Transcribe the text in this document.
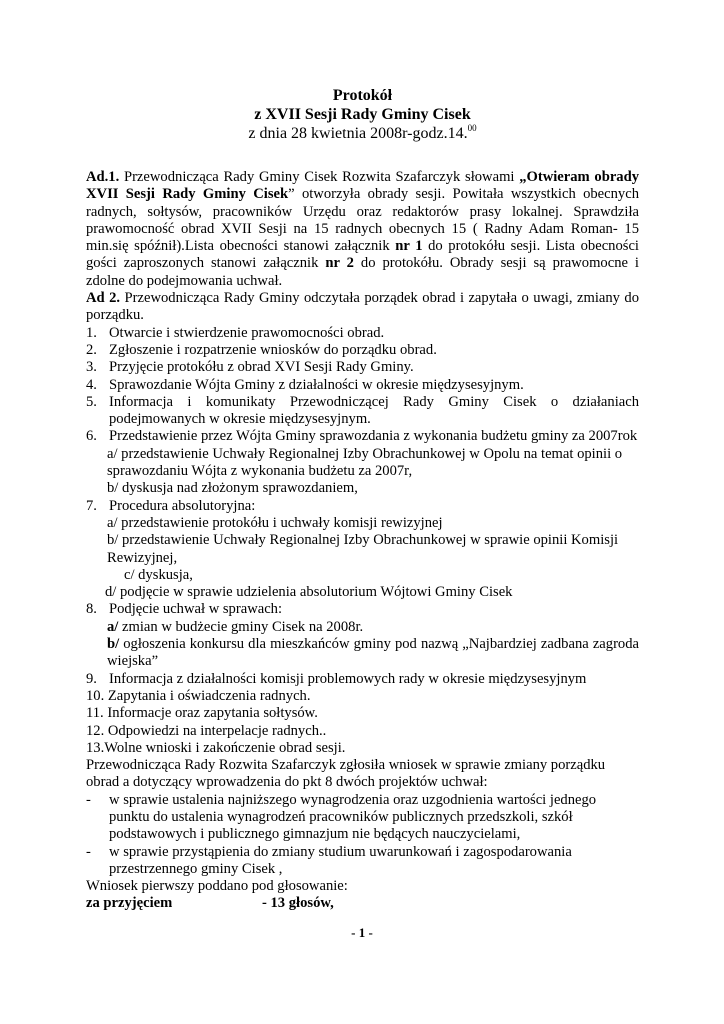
Protokół
z XVII Sesji Rady Gminy Cisek
z dnia 28 kwietnia 2008r-godz.14.00
Ad.1. Przewodnicząca Rady Gminy Cisek Rozwita Szafarczyk słowami „Otwieram obrady XVII Sesji Rady Gminy Cisek” otworzyła obrady sesji. Powitała wszystkich obecnych radnych, sołtysów, pracowników Urzędu oraz redaktorów prasy lokalnej. Sprawdziła prawomocność obrad XVII Sesji na 15 radnych obecnych 15 ( Radny Adam Roman- 15 min.się spóźnił).Lista obecności stanowi załącznik nr 1 do protokółu sesji. Lista obecności gości zaproszonych stanowi załącznik nr 2 do protokółu. Obrady sesji są prawomocne i zdolne do podejmowania uchwał.
Ad 2. Przewodnicząca Rady Gminy odczytała porządek obrad i zapytała o uwagi, zmiany do porządku.
1. Otwarcie i stwierdzenie prawomocności obrad.
2. Zgłoszenie i rozpatrzenie wniosków do porządku obrad.
3. Przyjęcie protokółu z obrad XVI Sesji Rady Gminy.
4. Sprawozdanie Wójta Gminy z działalności w okresie międzysesyjnym.
5. Informacja i komunikaty Przewodniczącej Rady Gminy Cisek o działaniach podejmowanych w okresie międzysesyjnym.
6. Przedstawienie przez Wójta Gminy sprawozdania z wykonania budżetu gminy za 2007rok
a/ przedstawienie Uchwały Regionalnej Izby Obrachunkowej w Opolu na temat opinii o sprawozdaniu Wójta z wykonania budżetu za 2007r,
b/ dyskusja nad złożonym sprawozdaniem,
7. Procedura absolutoryjna:
a/ przedstawienie protokółu i uchwały komisji rewizyjnej
b/ przedstawienie Uchwały Regionalnej Izby Obrachunkowej w sprawie opinii Komisji Rewizyjnej,
c/ dyskusja,
d/ podjęcie w sprawie udzielenia absolutorium Wójtowi Gminy Cisek
8. Podjęcie uchwał w sprawach:
a/ zmian w budżecie gminy Cisek na 2008r.
b/ ogłoszenia konkursu dla mieszkańców gminy pod nazwą „Najbardziej zadbana zagroda wiejska”
9. Informacja z działalności komisji problemowych rady w okresie międzysesyjnym
10. Zapytania i oświadczenia radnych.
11. Informacje oraz zapytania sołtysów.
12. Odpowiedzi na interpelacje radnych..
13.Wolne wnioski i zakończenie obrad sesji.
Przewodnicząca Rady Rozwita Szafarczyk zgłosiła wniosek w sprawie zmiany porządku obrad a dotyczący wprowadzenia do pkt 8 dwóch projektów uchwał:
-	w sprawie ustalenia najniższego wynagrodzenia oraz uzgodnienia wartości jednego punktu do ustalenia wynagrodzeń pracowników publicznych przedszkoli, szkół podstawowych i publicznego gimnazjum nie będących nauczycielami,
-	w sprawie przystąpienia do zmiany studium uwarunkowań i zagospodarowania przestrzennego gminy Cisek ,
Wniosek pierwszy poddano pod głosowanie:
za przyjęciem	- 13 głosów,

- 1 -
